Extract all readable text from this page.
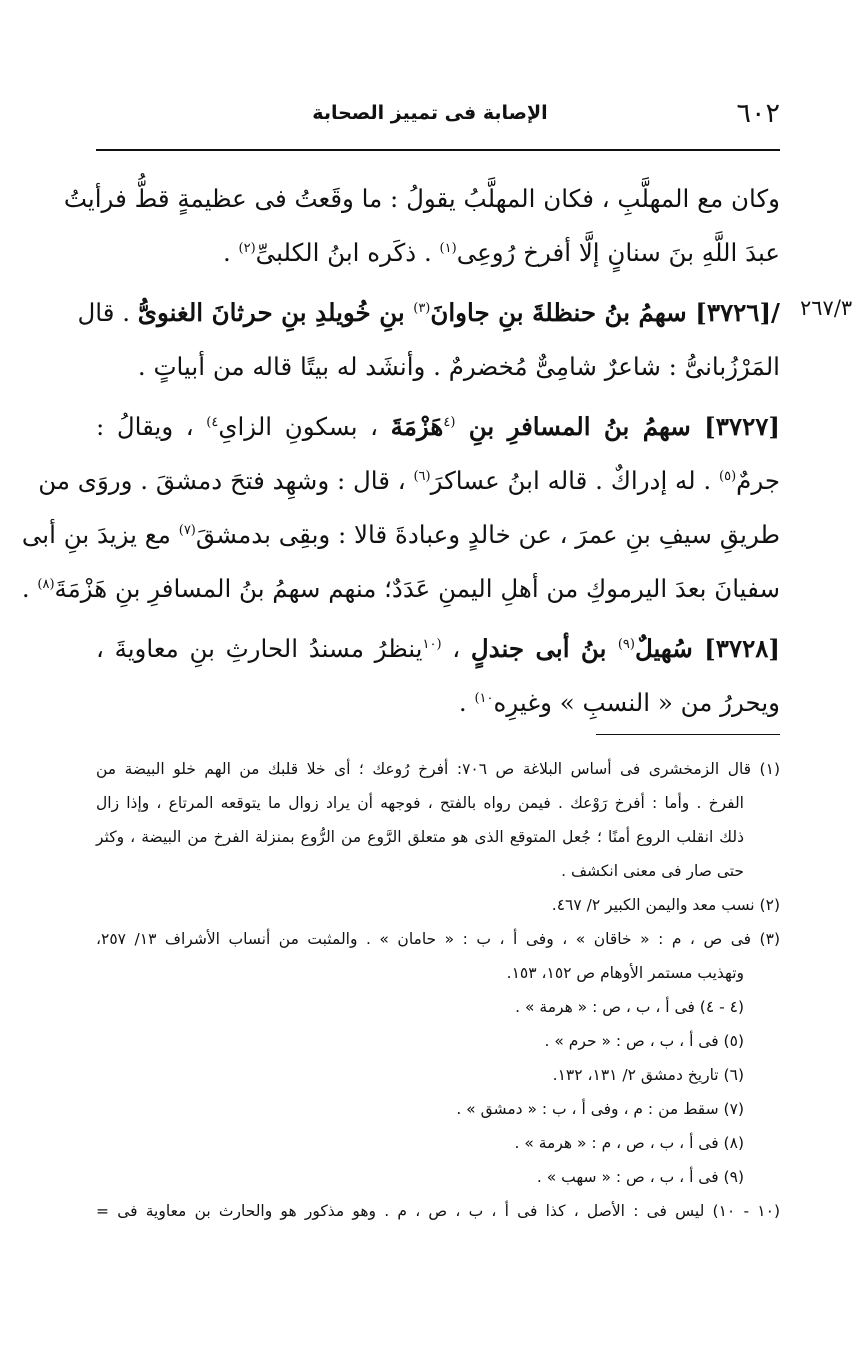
٦٠٢
الإصابة فى تمييز الصحابة
٢٦٧/٣
وكان مع المهلَّبِ ، فكان المهلَّبُ يقولُ : ما وقَعتُ فى عظيمةٍ قطُّ فرأيتُ
عبدَ اللَّهِ بنَ سنانٍ إلَّا أفرخ رُوعِى$^{(١)}$ . ذكَره ابنُ الكلبىِّ$^{(٢)}$ .
/[٣٧٢٦] سهمُ بنُ حنظلةَ بنِ جاوانَ$^{(٣)}$ بنِ خُويلدِ بنِ حرثانَ الغنوىُّ . قال
المَرْزُبانىُّ : شاعرٌ شامِىٌّ مُخضرمٌ . وأنشَد له بيتًا قاله من أبياتٍ .
[٣٧٢٧] سهمُ بنُ المسافرِ بنِ $^{(٤}$هَزْمَةَ ، بسكونِ الزاىِ$^{٤)}$ ، ويقالُ :
جرمٌ$^{(٥)}$ . له إدراكٌ . قاله ابنُ عساكرَ$^{(٦)}$ ، قال : وشهِد فتحَ دمشقَ . وروَى من
طريقِ سيفِ بنِ عمرَ ، عن خالدٍ وعبادةَ قالا : وبقِى بدمشقَ$^{(٧)}$ مع يزيدَ بنِ أبى
سفيانَ بعدَ اليرموكِ من أهلِ اليمنِ عَدَدٌ؛ منهم سهمُ بنُ المسافرِ بنِ هَزْمَةَ$^{(٨)}$ .
[٣٧٢٨] سُهيلٌ$^{(٩)}$ بنُ أبى جندلٍ ، $^{(١٠}$ينظرُ مسندُ الحارثِ بنِ معاويةَ ،
ويحررُ من « النسبِ » وغيرِه$^{١٠)}$ .
(١) قال الزمخشرى فى أساس البلاغة ص ٧٠٦: أفرخ رُوعك ؛ أى خلا قلبك من الهم خلو البيضة من
الفرخ . وأما : أفرخ رَوْعك . فيمن رواه بالفتح ، فوجهه أن يراد زوال ما يتوقعه المرتاع ، وإذا زال
ذلك انقلب الروع أمنًا ؛ جُعل المتوقع الذى هو متعلق الرَّوع من الرُّوع بمنزلة الفرخ من البيضة ، وكثر
حتى صار فى معنى انكشف .
(٢) نسب معد واليمن الكبير ٢/ ٤٦٧.
(٣) فى ص ، م : « خاقان » ، وفى أ ، ب : « حامان » . والمثبت من أنساب الأشراف ١٣/ ٢٥٧،
وتهذيب مستمر الأوهام ص ١٥٢، ١٥٣.
(٤ - ٤) فى أ ، ب ، ص : « هرمة » .
(٥) فى أ ، ب ، ص : « حرم » .
(٦) تاريخ دمشق ٢/ ١٣١، ١٣٢.
(٧) سقط من : م ، وفى أ ، ب : « دمشق » .
(٨) فى أ ، ب ، ص ، م : « هرمة » .
(٩) فى أ ، ب ، ص : « سهب » .
(١٠ - ١٠) ليس فى : الأصل ، كذا فى أ ، ب ، ص ، م . وهو مذكور هو والحارث بن معاوية فى =
